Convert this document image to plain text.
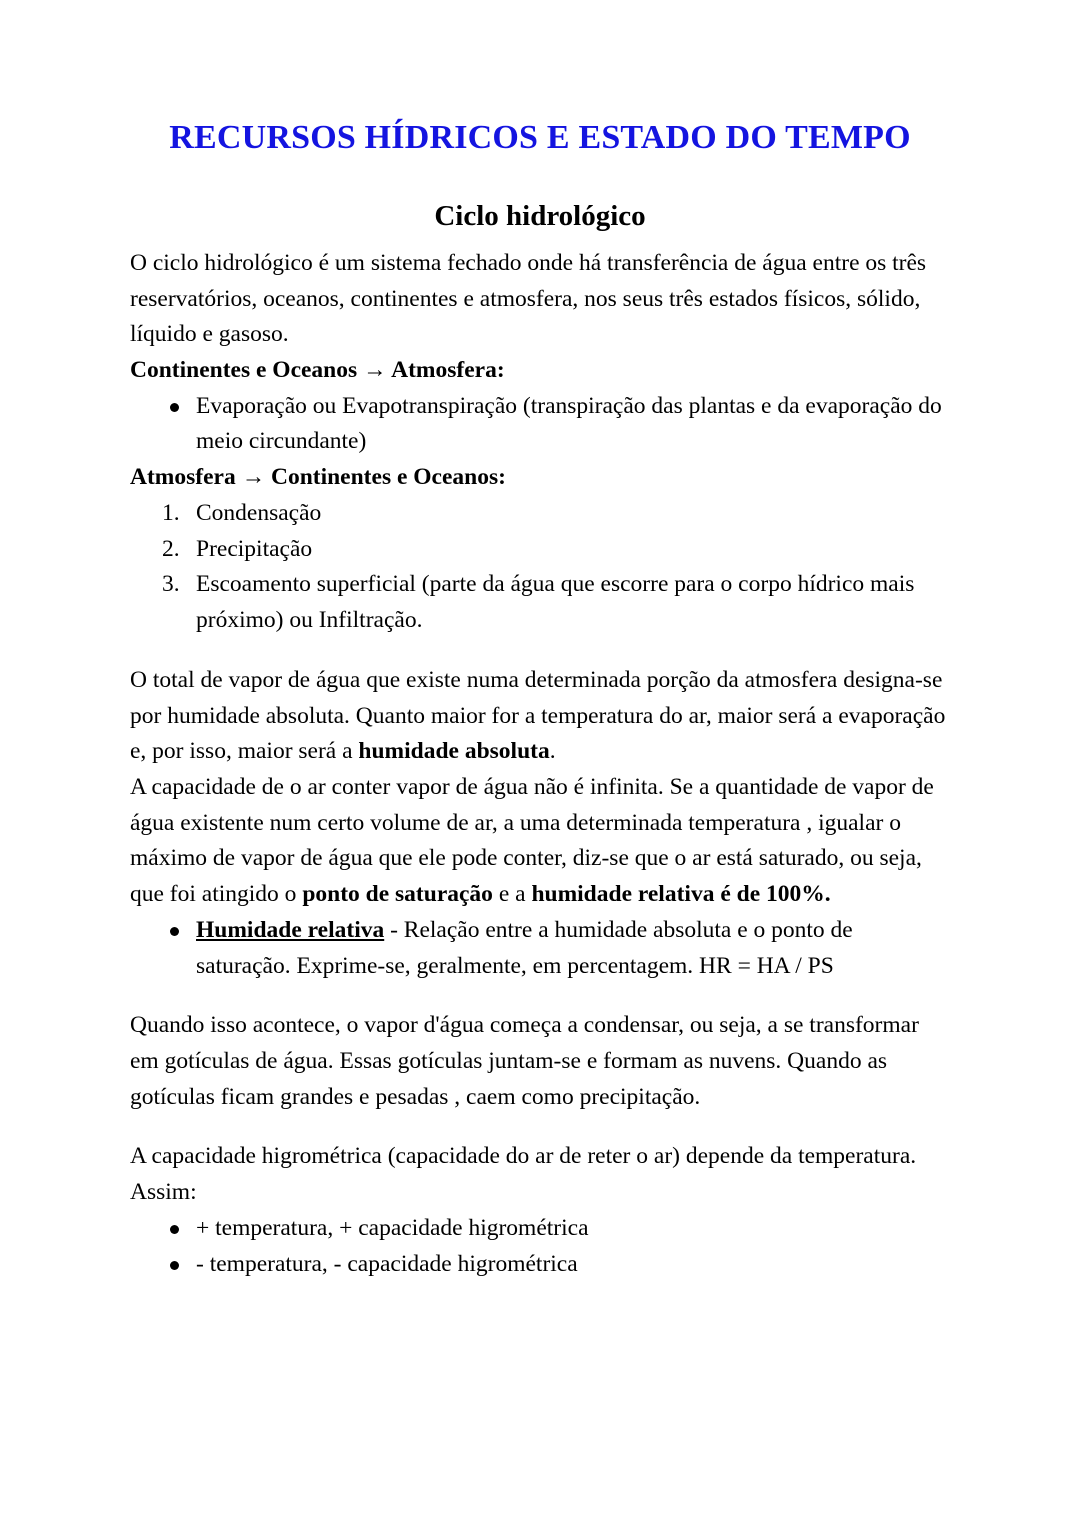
RECURSOS HÍDRICOS E ESTADO DO TEMPO
Ciclo hidrológico

O ciclo hidrológico é um sistema fechado onde há transferência de água entre os três reservatórios, oceanos, continentes e atmosfera, nos seus três estados físicos, sólido, líquido e gasoso.

Continentes e Oceanos → Atmosfera:

Evaporação ou Evapotranspiração (transpiração das plantas e da evaporação do meio circundante)

Atmosfera → Continentes e Oceanos:

Condensação
Precipitação
Escoamento superficial (parte da água que escorre para o corpo hídrico mais próximo) ou Infiltração.

O total de vapor de água que existe numa determinada porção da atmosfera designa-se por humidade absoluta. Quanto maior for a temperatura do ar, maior será a evaporação e, por isso, maior será a humidade absoluta.

A capacidade de o ar conter vapor de água não é infinita. Se a quantidade de vapor de água existente num certo volume de ar, a uma determinada temperatura , igualar o máximo de vapor de água que ele pode conter, diz-se que o ar está saturado, ou seja, que foi atingido o ponto de saturação e a humidade relativa é de 100%.

Humidade relativa - Relação entre a humidade absoluta e o ponto de saturação. Exprime-se, geralmente, em percentagem. HR = HA / PS

Quando isso acontece, o vapor d'água começa a condensar, ou seja, a se transformar em gotículas de água. Essas gotículas juntam-se e formam as nuvens. Quando as gotículas ficam grandes e pesadas , caem como precipitação.

A capacidade higrométrica (capacidade do ar de reter o ar) depende da temperatura. Assim:

+ temperatura, + capacidade higrométrica
- temperatura, - capacidade higrométrica
